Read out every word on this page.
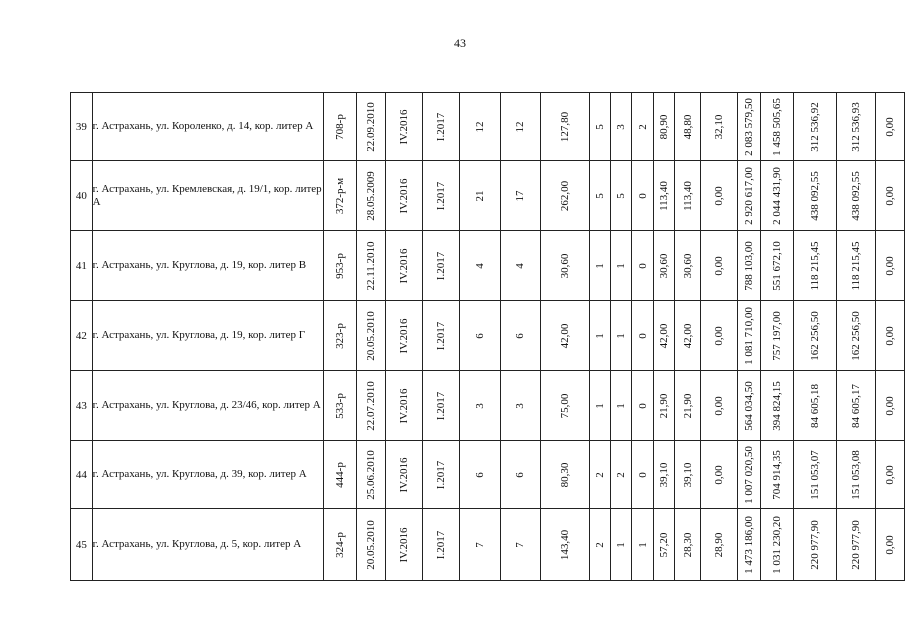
43
39	г. Астрахань, ул. Короленко, д. 14, кор. литер А	708-р	22.09.2010	IV.2016	I.2017	12	12	127,80	5	3	2	80,90	48,80	32,10	2 083 579,50	1 458 505,65	312 536,92	312 536,93	0,00

40	г. Астрахань, ул. Кремлевская, д. 19/1, кор. литер А	372-р-м	28.05.2009	IV.2016	I.2017	21	17	262,00	5	5	0	113,40	113,40	0,00	2 920 617,00	2 044 431,90	438 092,55	438 092,55	0,00

41	г. Астрахань, ул. Круглова, д. 19, кор. литер В	953-р	22.11.2010	IV.2016	I.2017	4	4	30,60	1	1	0	30,60	30,60	0,00	788 103,00	551 672,10	118 215,45	118 215,45	0,00

42	г. Астрахань, ул. Круглова, д. 19, кор. литер Г	323-р	20.05.2010	IV.2016	I.2017	6	6	42,00	1	1	0	42,00	42,00	0,00	1 081 710,00	757 197,00	162 256,50	162 256,50	0,00

43	г. Астрахань, ул. Круглова, д. 23/46, кор. литер А	533-р	22.07.2010	IV.2016	I.2017	3	3	75,00	1	1	0	21,90	21,90	0,00	564 034,50	394 824,15	84 605,18	84 605,17	0,00

44	г. Астрахань, ул. Круглова, д. 39, кор. литер А	444-р	25.06.2010	IV.2016	I.2017	6	6	80,30	2	2	0	39,10	39,10	0,00	1 007 020,50	704 914,35	151 053,07	151 053,08	0,00

45	г. Астрахань, ул. Круглова, д. 5, кор. литер А	324-р	20.05.2010	IV.2016	I.2017	7	7	143,40	2	1	1	57,20	28,30	28,90	1 473 186,00	1 031 230,20	220 977,90	220 977,90	0,00
